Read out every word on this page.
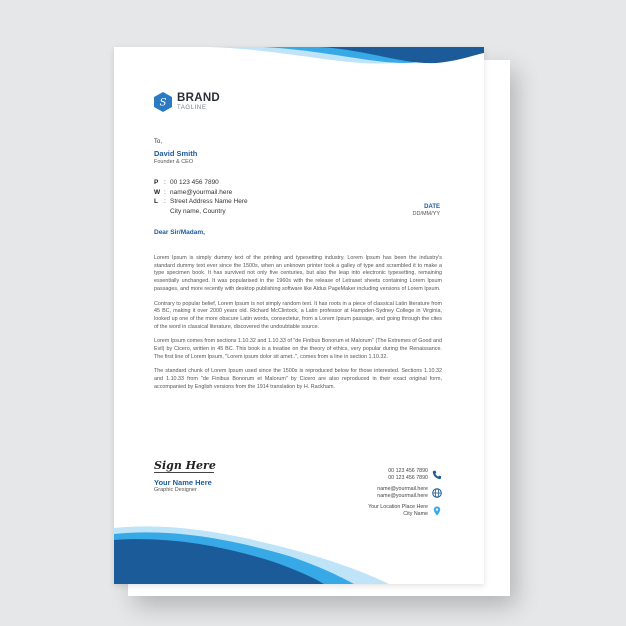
S BRAND
TAGLINE
To,
David Smith
Founder & CEO
P : 00 123 456 7890
W : name@yourmail.here
L : Street Address Name Here
City name, Country
DATE
DD/MM/YY
Dear Sir/Madam,

Lorem Ipsum is simply dummy text of the printing and typesetting industry. Lorem Ipsum has been the industry's standard dummy text ever since the 1500s, when an unknown printer took a galley of type and scrambled it to make a type specimen book. It has survived not only five centuries, but also the leap into electronic typesetting, remaining essentially unchanged. It was popularised in the 1960s with the release of Letraset sheets containing Lorem Ipsum passages, and more recently with desktop publishing software like Aldus PageMaker including versions of Lorem Ipsum.

Contrary to popular belief, Lorem Ipsum is not simply random text. It has roots in a piece of classical Latin literature from 45 BC, making it over 2000 years old. Richard McClintock, a Latin professor at Hampden-Sydney College in Virginia, looked up one of the more obscure Latin words, consectetur, from a Lorem Ipsum passage, and going through the cites of the word in classical literature, discovered the undoubtable source.

Lorem Ipsum comes from sections 1.10.32 and 1.10.33 of "de Finibus Bonorum et Malorum" (The Extremes of Good and Evil) by Cicero, written in 45 BC. This book is a treatise on the theory of ethics, very popular during the Renaissance. The first line of Lorem Ipsum, "Lorem ipsum dolor sit amet..", comes from a line in section 1.10.32.

The standard chunk of Lorem Ipsum used since the 1500s is reproduced below for those interested. Sections 1.10.32 and 1.10.33 from "de Finibus Bonorum et Malorum" by Cicero are also reproduced in their exact original form, accompanied by English versions from the 1914 translation by H. Rackham.

Sign Here
Your Name Here
Graphic Designer
00 123 456 7890
00 123 456 7890
name@yourmail.here
name@yourmail.here
Your Location Place Here
City Name
